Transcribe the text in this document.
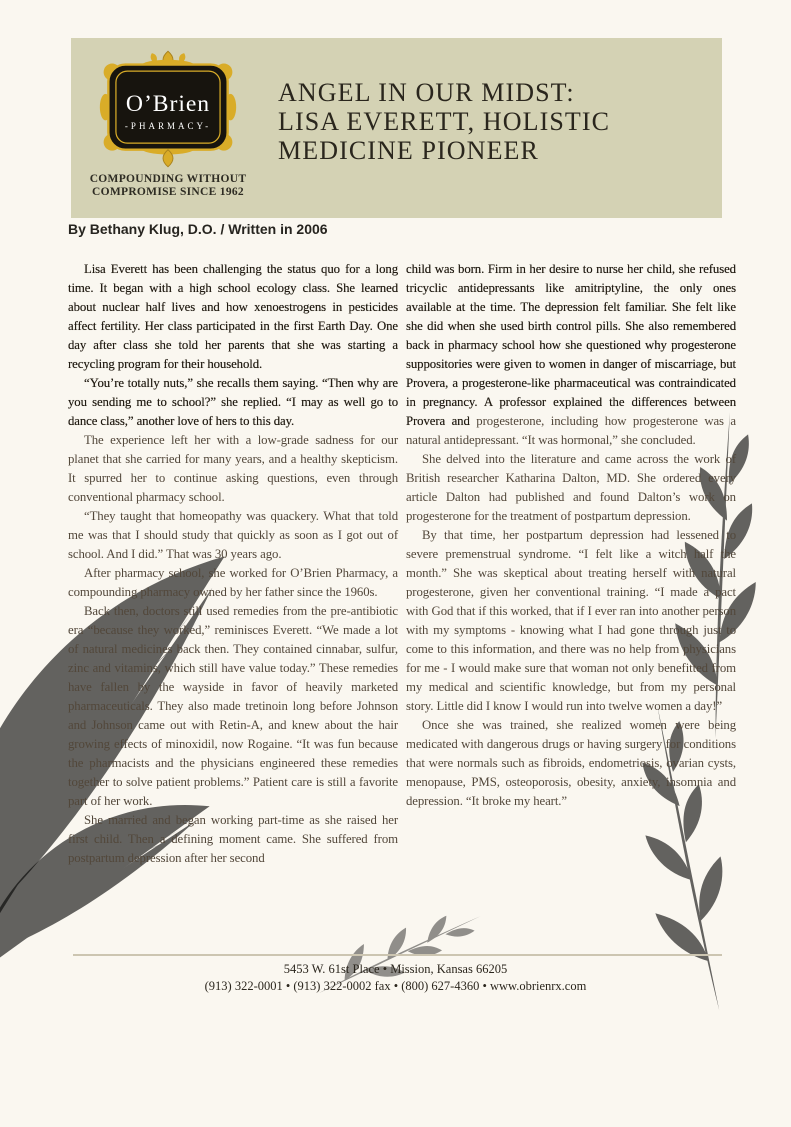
O’Brien
-PHARMACY-
COMPOUNDING WITHOUT
COMPROMISE SINCE 1962
ANGEL IN OUR MIDST:
LISA EVERETT, HOLISTIC
MEDICINE PIONEER
By Bethany Klug, D.O. / Written in 2006

Lisa Everett has been challenging the status quo for a long time. It began with a high school ecology class. She learned about nuclear half lives and how xenoestrogens in pesticides affect fertility. Her class participated in the first Earth Day. One day after class she told her parents that she was starting a recycling program for their household.

“You’re totally nuts,” she recalls them saying. “Then why are you sending me to school?” she replied. “I may as well go to dance class,” another love of hers to this day.

The experience left her with a low-grade sadness for our planet that she carried for many years, and a healthy skepticism. It spurred her to continue asking questions, even through conventional pharmacy school.

“They taught that homeopathy was quackery. What that told me was that I should study that quickly as soon as I got out of school. And I did.” That was 30 years ago.

After pharmacy school, she worked for O’Brien Pharmacy, a compounding pharmacy owned by her father since the 1960s.

Back then, doctors still used remedies from the pre-antibiotic era “because they worked,” reminisces Everett. “We made a lot of natural medicines back then. They contained cinnabar, sulfur, zinc and vitamins, which still have value today.” These remedies have fallen by the wayside in favor of heavily marketed pharmaceuticals. They also made tretinoin long before Johnson and Johnson came out with Retin-A, and knew about the hair growing effects of minoxidil, now Rogaine. “It was fun because the pharmacists and the physicians engineered these remedies together to solve patient problems.” Patient care is still a favorite part of her work.

She married and began working part-time as she raised her first child. Then a defining moment came. She suffered from postpartum depression after her second

child was born. Firm in her desire to nurse her child, she refused tricyclic antidepressants like amitriptyline, the only ones available at the time. The depression felt familiar. She felt like she did when she used birth control pills. She also remembered back in pharmacy school how she questioned why progesterone suppositories were given to women in danger of miscarriage, but Provera, a progesterone-like pharmaceutical was contraindicated in pregnancy. A professor explained the differences between Provera and progesterone, including how progesterone was a natural antidepressant. “It was hormonal,” she concluded.

She delved into the literature and came across the work of British researcher Katharina Dalton, MD. She ordered every article Dalton had published and found Dalton’s work on progesterone for the treatment of postpartum depression.

By that time, her postpartum depression had lessened to severe premenstrual syndrome. “I felt like a witch half the month.” She was skeptical about treating herself with natural progesterone, given her conventional training. “I made a pact with God that if this worked, that if I ever ran into another person with my symptoms - knowing what I had gone through just to come to this information, and there was no help from physicians for me - I would make sure that woman not only benefitted from my medical and scientific knowledge, but from my personal story. Little did I know I would run into twelve women a day!”

Once she was trained, she realized women were being medicated with dangerous drugs or having surgery for conditions that were normals such as fibroids, endometriosis, ovarian cysts, menopause, PMS, osteoporosis, obesity, anxiety, insomnia and depression. “It broke my heart.”

5453 W. 61st Place • Mission, Kansas 66205
(913) 322-0001 • (913) 322-0002 fax • (800) 627-4360 • www.obrienrx.com
